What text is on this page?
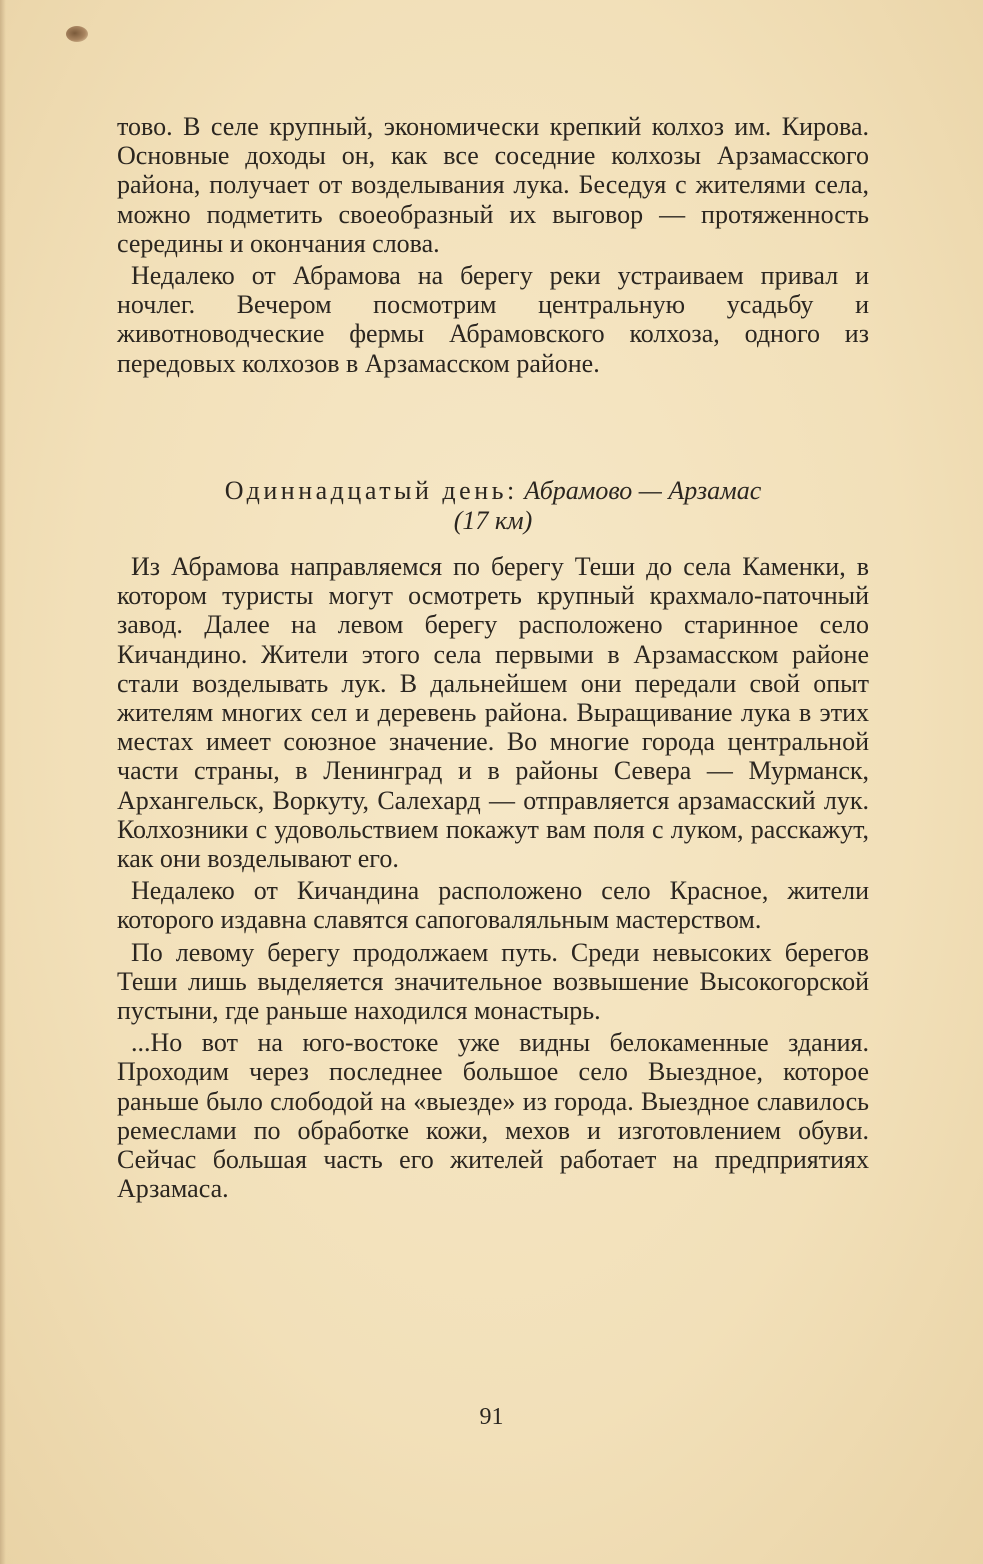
тово. В селе крупный, экономически крепкий колхоз им. Кирова. Основные доходы он, как все соседние колхозы Арзамасского района, получает от возделывания лука. Беседуя с жителями села, можно подметить своеобразный их выговор — протяженность середины и окончания слова.

Недалеко от Абрамова на берегу реки устраиваем привал и ночлег. Вечером посмотрим центральную усадьбу и животноводческие фермы Абрамовского колхоза, одного из передовых колхозов в Арзамасском районе.

Одиннадцатый день: Абрамово — Арзамас
(17 км)

Из Абрамова направляемся по берегу Теши до села Каменки, в котором туристы могут осмотреть крупный крахмало-паточный завод. Далее на левом берегу расположено старинное село Кичандино. Жители этого села первыми в Арзамасском районе стали возделывать лук. В дальнейшем они передали свой опыт жителям многих сел и деревень района. Выращивание лука в этих местах имеет союзное значение. Во многие города центральной части страны, в Ленинград и в районы Севера — Мурманск, Архангельск, Воркуту, Салехард — отправляется арзамасский лук. Колхозники с удовольствием покажут вам поля с луком, расскажут, как они возделывают его.

Недалеко от Кичандина расположено село Красное, жители которого издавна славятся сапоговаляльным мастерством.

По левому берегу продолжаем путь. Среди невысоких берегов Теши лишь выделяется значительное возвышение Высокогорской пустыни, где раньше находился монастырь.

...Но вот на юго-востоке уже видны белокаменные здания. Проходим через последнее большое село Выездное, которое раньше было слободой на «выезде» из города. Выездное славилось ремеслами по обработке кожи, мехов и изготовлением обуви. Сейчас большая часть его жителей работает на предприятиях Арзамаса.

91
